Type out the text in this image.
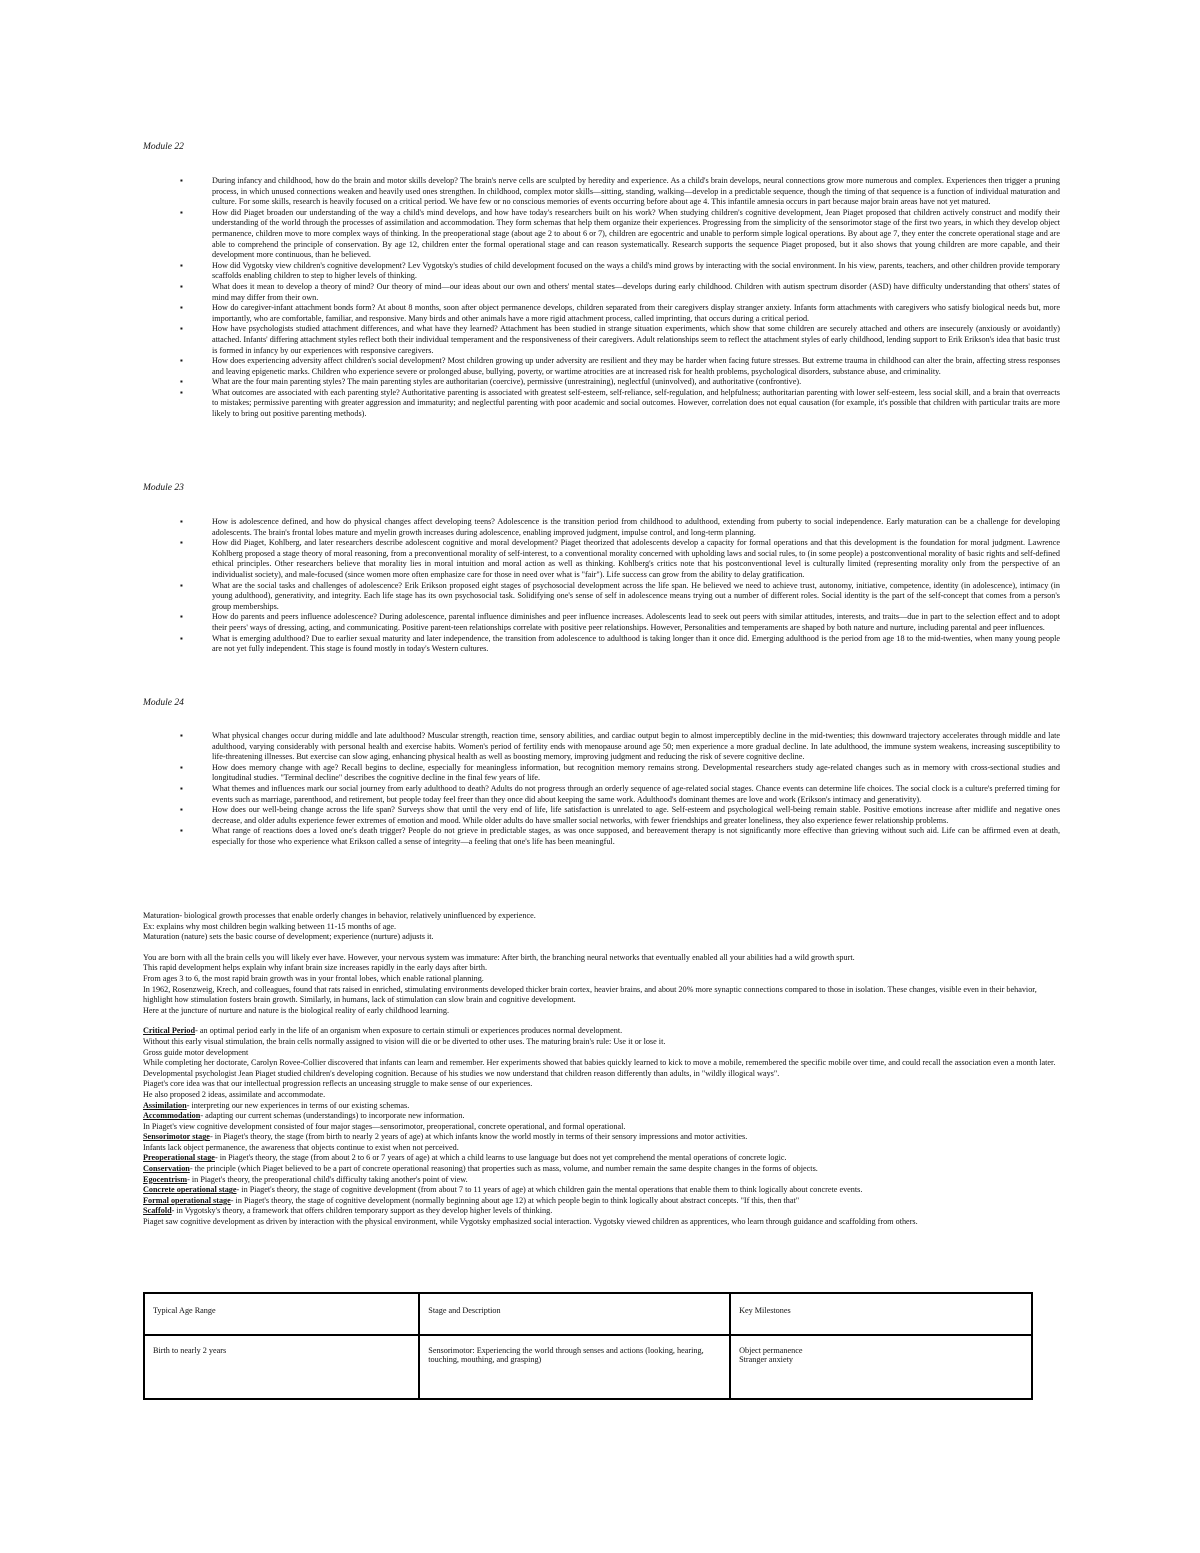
Module 22
▪ During infancy and childhood, how do the brain and motor skills develop? The brain's nerve cells are sculpted by heredity and experience. As a child's brain develops, neural connections grow more numerous and complex. Experiences then trigger a pruning process, in which unused connections weaken and heavily used ones strengthen. In childhood, complex motor skills—sitting, standing, walking—develop in a predictable sequence, though the timing of that sequence is a function of individual maturation and culture. For some skills, research is heavily focused on a critical period. We have few or no conscious memories of events occurring before about age 4. This infantile amnesia occurs in part because major brain areas have not yet matured.
▪ How did Piaget broaden our understanding of the way a child's mind develops, and how have today's researchers built on his work? When studying children's cognitive development, Jean Piaget proposed that children actively construct and modify their understanding of the world through the processes of assimilation and accommodation. They form schemas that help them organize their experiences. Progressing from the simplicity of the sensorimotor stage of the first two years, in which they develop object permanence, children move to more complex ways of thinking. In the preoperational stage (about age 2 to about 6 or 7), children are egocentric and unable to perform simple logical operations. By about age 7, they enter the concrete operational stage and are able to comprehend the principle of conservation. By age 12, children enter the formal operational stage and can reason systematically. Research supports the sequence Piaget proposed, but it also shows that young children are more capable, and their development more continuous, than he believed.
▪ How did Vygotsky view children's cognitive development? Lev Vygotsky's studies of child development focused on the ways a child's mind grows by interacting with the social environment. In his view, parents, teachers, and other children provide temporary scaffolds enabling children to step to higher levels of thinking.
▪ What does it mean to develop a theory of mind? Our theory of mind—our ideas about our own and others' mental states—develops during early childhood. Children with autism spectrum disorder (ASD) have difficulty understanding that others' states of mind may differ from their own.
▪ How do caregiver-infant attachment bonds form? At about 8 months, soon after object permanence develops, children separated from their caregivers display stranger anxiety. Infants form attachments with caregivers who satisfy biological needs but, more importantly, who are comfortable, familiar, and responsive. Many birds and other animals have a more rigid attachment process, called imprinting, that occurs during a critical period.
▪ How have psychologists studied attachment differences, and what have they learned? Attachment has been studied in strange situation experiments, which show that some children are securely attached and others are insecurely (anxiously or avoidantly) attached. Infants' differing attachment styles reflect both their individual temperament and the responsiveness of their caregivers. Adult relationships seem to reflect the attachment styles of early childhood, lending support to Erik Erikson's idea that basic trust is formed in infancy by our experiences with responsive caregivers.
▪ How does experiencing adversity affect children's social development? Most children growing up under adversity are resilient and they may be harder when facing future stresses. But extreme trauma in childhood can alter the brain, affecting stress responses and leaving epigenetic marks. Children who experience severe or prolonged abuse, bullying, poverty, or wartime atrocities are at increased risk for health problems, psychological disorders, substance abuse, and criminality.
▪ What are the four main parenting styles? The main parenting styles are authoritarian (coercive), permissive (unrestraining), neglectful (uninvolved), and authoritative (confrontive).
▪ What outcomes are associated with each parenting style? Authoritative parenting is associated with greatest self-esteem, self-reliance, self-regulation, and helpfulness; authoritarian parenting with lower self-esteem, less social skill, and a brain that overreacts to mistakes; permissive parenting with greater aggression and immaturity; and neglectful parenting with poor academic and social outcomes. However, correlation does not equal causation (for example, it's possible that children with particular traits are more likely to bring out positive parenting methods).
Module 23
▪ How is adolescence defined, and how do physical changes affect developing teens? Adolescence is the transition period from childhood to adulthood, extending from puberty to social independence. Early maturation can be a challenge for developing adolescents. The brain's frontal lobes mature and myelin growth increases during adolescence, enabling improved judgment, impulse control, and long-term planning.
▪ How did Piaget, Kohlberg, and later researchers describe adolescent cognitive and moral development? Piaget theorized that adolescents develop a capacity for formal operations and that this development is the foundation for moral judgment. Lawrence Kohlberg proposed a stage theory of moral reasoning, from a preconventional morality of self-interest, to a conventional morality concerned with upholding laws and social rules, to (in some people) a postconventional morality of basic rights and self-defined ethical principles. Other researchers believe that morality lies in moral intuition and moral action as well as thinking. Kohlberg's critics note that his postconventional level is culturally limited (representing morality only from the perspective of an individualist society), and male-focused (since women more often emphasize care for those in need over what is "fair"). Life success can grow from the ability to delay gratification.
▪ What are the social tasks and challenges of adolescence? Erik Erikson proposed eight stages of psychosocial development across the life span. He believed we need to achieve trust, autonomy, initiative, competence, identity (in adolescence), intimacy (in young adulthood), generativity, and integrity. Each life stage has its own psychosocial task. Solidifying one's sense of self in adolescence means trying out a number of different roles. Social identity is the part of the self-concept that comes from a person's group memberships.
▪ How do parents and peers influence adolescence? During adolescence, parental influence diminishes and peer influence increases. Adolescents lead to seek out peers with similar attitudes, interests, and traits—due in part to the selection effect and to adopt their peers' ways of dressing, acting, and communicating. Positive parent-teen relationships correlate with positive peer relationships. However, Personalities and temperaments are shaped by both nature and nurture, including parental and peer influences.
▪ What is emerging adulthood? Due to earlier sexual maturity and later independence, the transition from adolescence to adulthood is taking longer than it once did. Emerging adulthood is the period from age 18 to the mid-twenties, when many young people are not yet fully independent. This stage is found mostly in today's Western cultures.
Module 24
▪ What physical changes occur during middle and late adulthood? Muscular strength, reaction time, sensory abilities, and cardiac output begin to almost imperceptibly decline in the mid-twenties; this downward trajectory accelerates through middle and late adulthood, varying considerably with personal health and exercise habits. Women's period of fertility ends with menopause around age 50; men experience a more gradual decline. In late adulthood, the immune system weakens, increasing susceptibility to life-threatening illnesses. But exercise can slow aging, enhancing physical health as well as boosting memory, improving judgment and reducing the risk of severe cognitive decline.
▪ How does memory change with age? Recall begins to decline, especially for meaningless information, but recognition memory remains strong. Developmental researchers study age-related changes such as in memory with cross-sectional studies and longitudinal studies. "Terminal decline" describes the cognitive decline in the final few years of life.
▪ What themes and influences mark our social journey from early adulthood to death? Adults do not progress through an orderly sequence of age-related social stages. Chance events can determine life choices. The social clock is a culture's preferred timing for events such as marriage, parenthood, and retirement, but people today feel freer than they once did about keeping the same work. Adulthood's dominant themes are love and work (Erikson's intimacy and generativity).
▪ How does our well-being change across the life span? Surveys show that until the very end of life, life satisfaction is unrelated to age. Self-esteem and psychological well-being remain stable. Positive emotions increase after midlife and negative ones decrease, and older adults experience fewer extremes of emotion and mood. While older adults do have smaller social networks, with fewer friendships and greater loneliness, they also experience fewer relationship problems.
▪ What range of reactions does a loved one's death trigger? People do not grieve in predictable stages, as was once supposed, and bereavement therapy is not significantly more effective than grieving without such aid. Life can be affirmed even at death, especially for those who experience what Erikson called a sense of integrity—a feeling that one's life has been meaningful.

Maturation- biological growth processes that enable orderly changes in behavior, relatively uninfluenced by experience.

Ex: explains why most children begin walking between 11-15 months of age.

Maturation (nature) sets the basic course of development; experience (nurture) adjusts it.

You are born with all the brain cells you will likely ever have. However, your nervous system was immature: After birth, the branching neural networks that eventually enabled all your abilities had a wild growth spurt.

This rapid development helps explain why infant brain size increases rapidly in the early days after birth.

From ages 3 to 6, the most rapid brain growth was in your frontal lobes, which enable rational planning.

In 1962, Rosenzweig, Krech, and colleagues, found that rats raised in enriched, stimulating environments developed thicker brain cortex, heavier brains, and about 20% more synaptic connections compared to those in isolation. These changes, visible even in their behavior, highlight how stimulation fosters brain growth. Similarly, in humans, lack of stimulation can slow brain and cognitive development.

Here at the juncture of nurture and nature is the biological reality of early childhood learning.

Critical Period- an optimal period early in the life of an organism when exposure to certain stimuli or experiences produces normal development.

Without this early visual stimulation, the brain cells normally assigned to vision will die or be diverted to other uses. The maturing brain's rule: Use it or lose it.

Gross guide motor development

While completing her doctorate, Carolyn Rovee-Collier discovered that infants can learn and remember. Her experiments showed that babies quickly learned to kick to move a mobile, remembered the specific mobile over time, and could recall the association even a month later.

Developmental psychologist Jean Piaget studied children's developing cognition. Because of his studies we now understand that children reason differently than adults, in "wildly illogical ways".

Piaget's core idea was that our intellectual progression reflects an unceasing struggle to make sense of our experiences.

He also proposed 2 ideas, assimilate and accommodate.

Assimilation- interpreting our new experiences in terms of our existing schemas.

Accommodation- adapting our current schemas (understandings) to incorporate new information.

In Piaget's view cognitive development consisted of four major stages—sensorimotor, preoperational, concrete operational, and formal operational.

Sensorimotor stage- in Piaget's theory, the stage (from birth to nearly 2 years of age) at which infants know the world mostly in terms of their sensory impressions and motor activities.

Infants lack object permanence, the awareness that objects continue to exist when not perceived.

Preoperational stage- in Piaget's theory, the stage (from about 2 to 6 or 7 years of age) at which a child learns to use language but does not yet comprehend the mental operations of concrete logic.

Conservation- the principle (which Piaget believed to be a part of concrete operational reasoning) that properties such as mass, volume, and number remain the same despite changes in the forms of objects.

Egocentrism- in Piaget's theory, the preoperational child's difficulty taking another's point of view.

Concrete operational stage- in Piaget's theory, the stage of cognitive development (from about 7 to 11 years of age) at which children gain the mental operations that enable them to think logically about concrete events.

Formal operational stage- in Piaget's theory, the stage of cognitive development (normally beginning about age 12) at which people begin to think logically about abstract concepts. "If this, then that"

Scaffold- in Vygotsky's theory, a framework that offers children temporary support as they develop higher levels of thinking.

Piaget saw cognitive development as driven by interaction with the physical environment, while Vygotsky emphasized social interaction. Vygotsky viewed children as apprentices, who learn through guidance and scaffolding from others.

Typical Age Range	Stage and Description	Key Milestones
Birth to nearly 2 years	Sensorimotor: Experiencing the world through senses and actions (looking, hearing, touching, mouthing, and grasping)	Object permanence
Stranger anxiety
